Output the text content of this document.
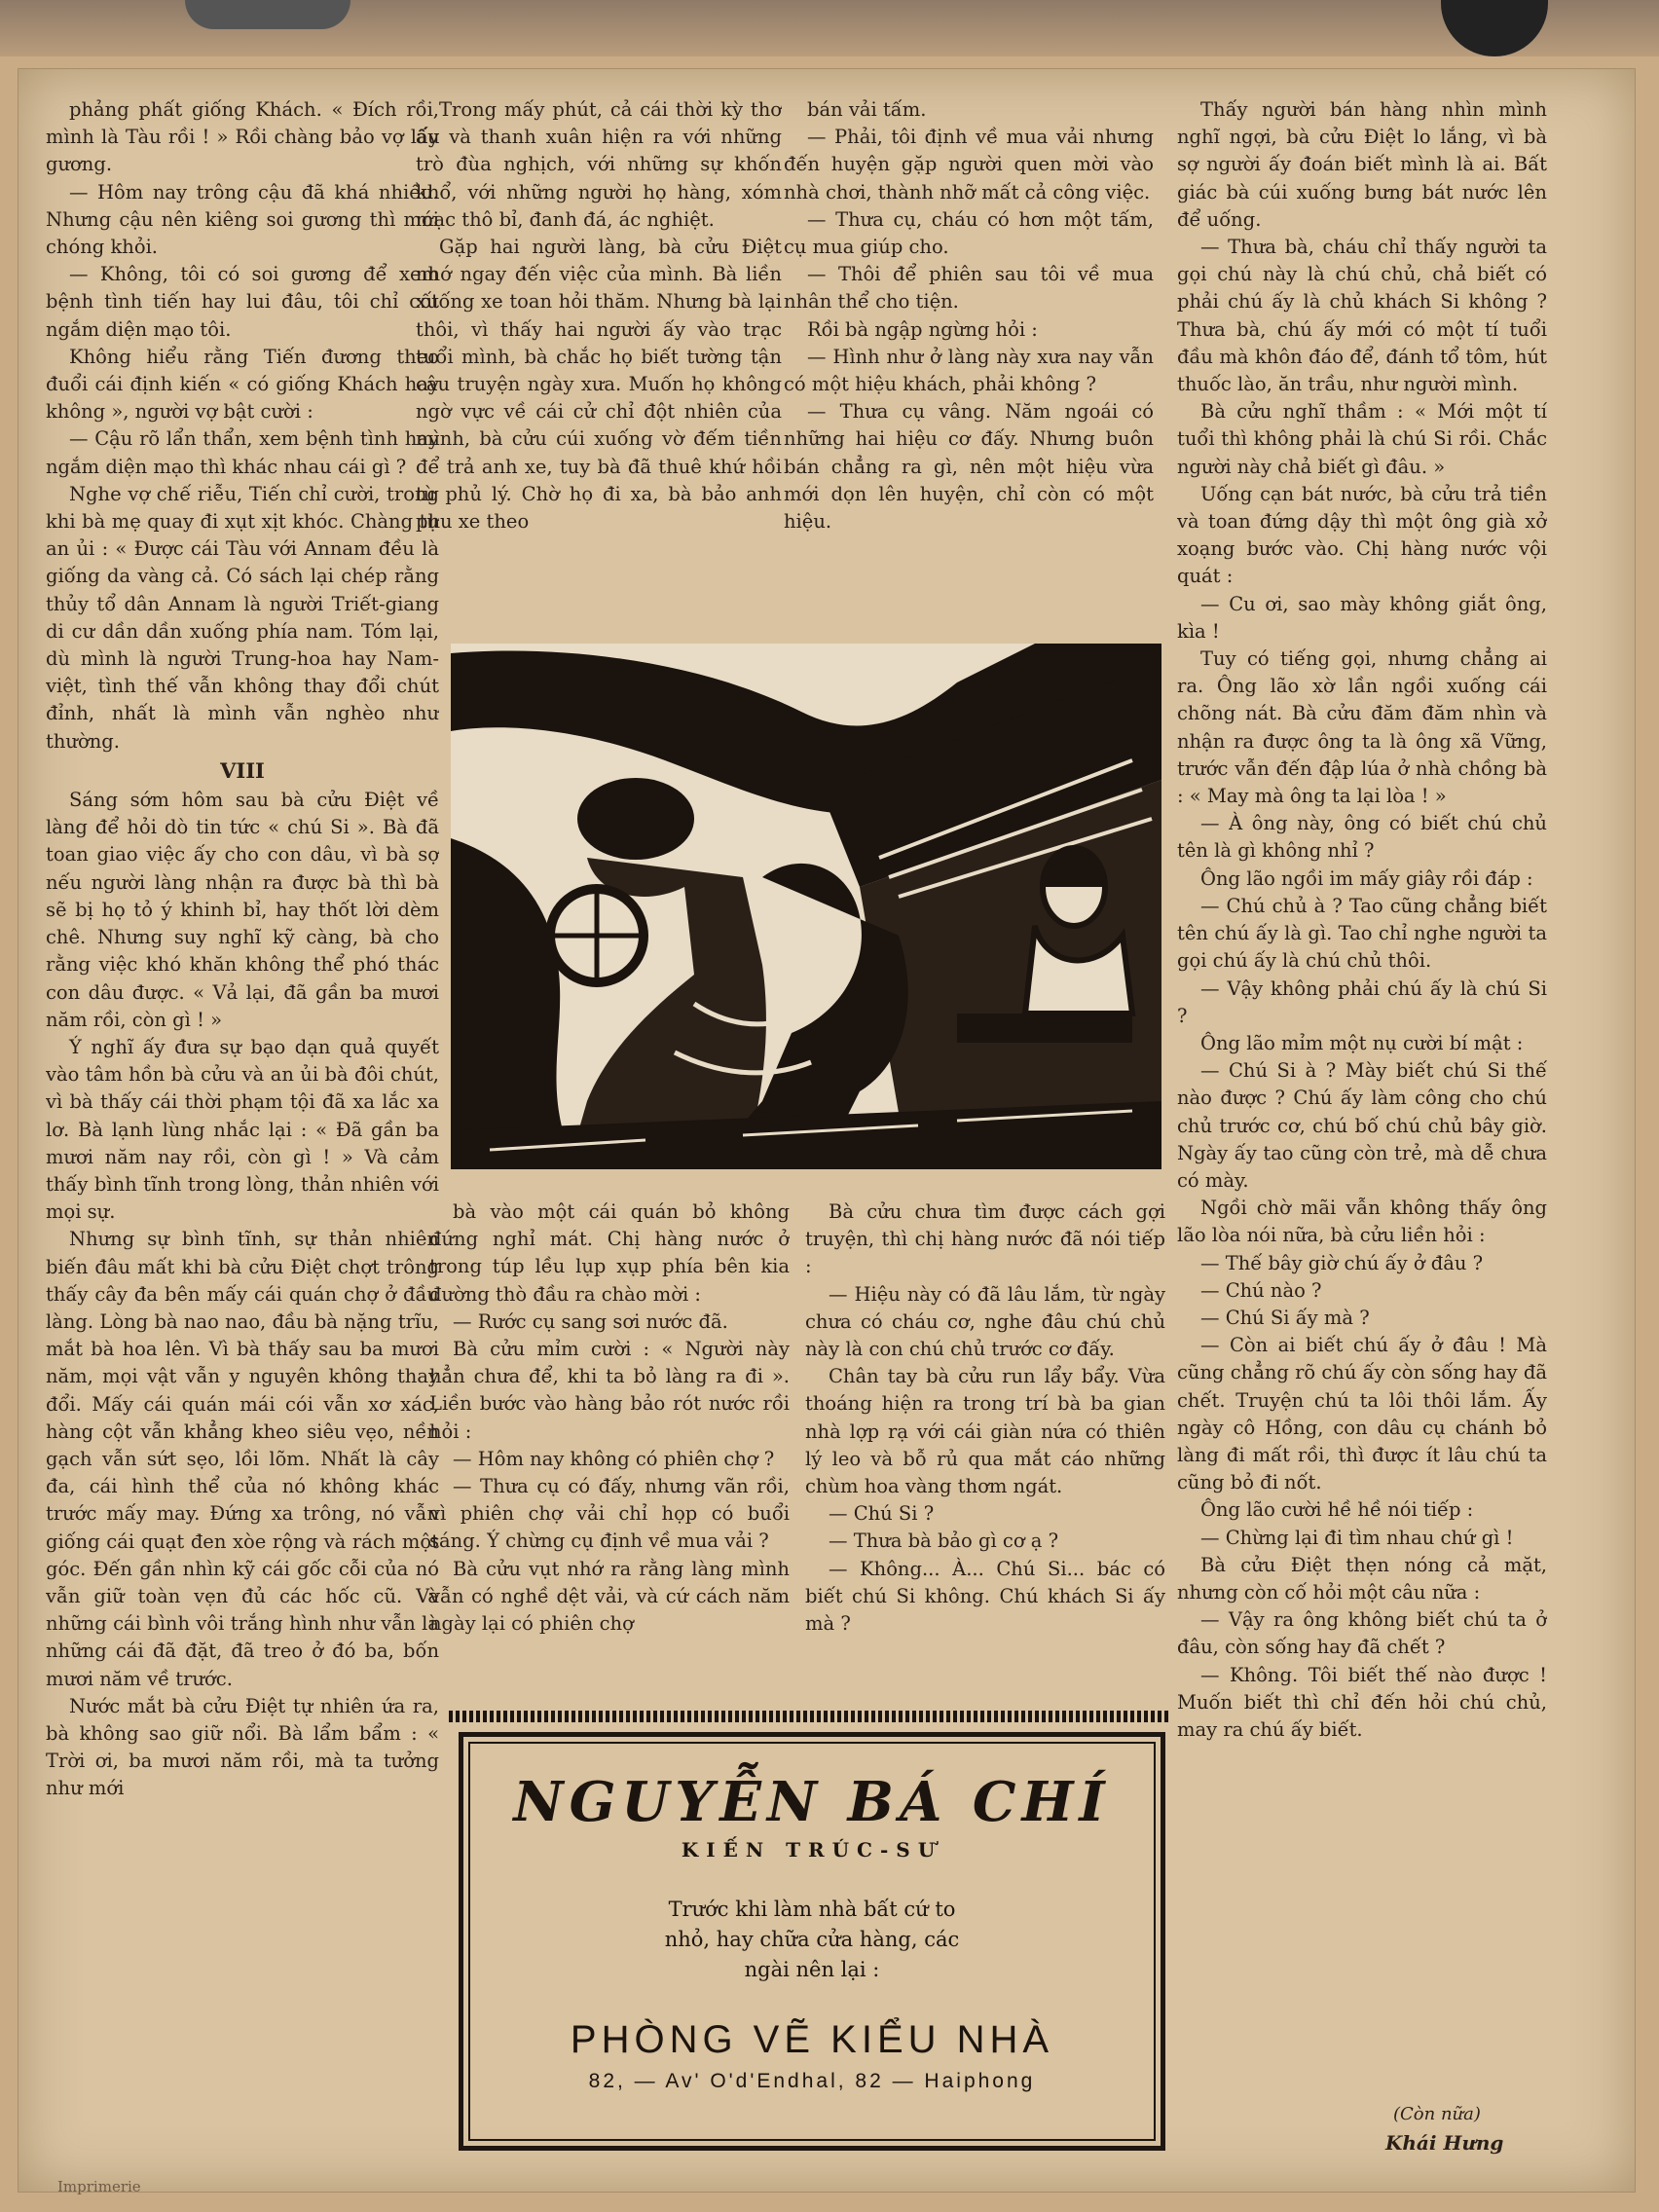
phảng phất giống Khách. « Đích rồi, mình là Tàu rồi ! » Rồi chàng bảo vợ lấy gương.

— Hôm nay trông cậu đã khá nhiều. Nhưng cậu nên kiêng soi gương thì mới chóng khỏi.

— Không, tôi có soi gương để xem bệnh tình tiến hay lui đâu, tôi chỉ cốt ngắm diện mạo tôi.

Không hiểu rằng Tiến đương theo đuổi cái định kiến « có giống Khách hay không », người vợ bật cười :

— Cậu rõ lẩn thẩn, xem bệnh tình hay ngắm diện mạo thì khác nhau cái gì ?

Nghe vợ chế riễu, Tiến chỉ cười, trong khi bà mẹ quay đi xụt xịt khóc. Chàng tự an ủi : « Được cái Tàu với Annam đều là giống da vàng cả. Có sách lại chép rằng thủy tổ dân Annam là người Triết-giang di cư dần dần xuống phía nam. Tóm lại, dù mình là người Trung-hoa hay Nam-việt, tình thế vẫn không thay đổi chút đỉnh, nhất là mình vẫn nghèo như thường.

VIII

Sáng sớm hôm sau bà cửu Điệt về làng để hỏi dò tin tức « chú Si ». Bà đã toan giao việc ấy cho con dâu, vì bà sợ nếu người làng nhận ra được bà thì bà sẽ bị họ tỏ ý khinh bỉ, hay thốt lời dèm chê. Nhưng suy nghĩ kỹ càng, bà cho rằng việc khó khăn không thể phó thác con dâu được. « Vả lại, đã gần ba mươi năm rồi, còn gì ! »

Ý nghĩ ấy đưa sự bạo dạn quả quyết vào tâm hồn bà cửu và an ủi bà đôi chút, vì bà thấy cái thời phạm tội đã xa lắc xa lơ. Bà lạnh lùng nhắc lại : « Đã gần ba mươi năm nay rồi, còn gì ! » Và cảm thấy bình tĩnh trong lòng, thản nhiên với mọi sự.

Nhưng sự bình tĩnh, sự thản nhiên biến đâu mất khi bà cửu Điệt chợt trông thấy cây đa bên mấy cái quán chợ ở đầu làng. Lòng bà nao nao, đầu bà nặng trĩu, mắt bà hoa lên. Vì bà thấy sau ba mươi năm, mọi vật vẫn y nguyên không thay đổi. Mấy cái quán mái cói vẫn xơ xác, hàng cột vẫn khẳng kheo siêu vẹo, nền gạch vẫn sứt sẹo, lồi lõm. Nhất là cây đa, cái hình thể của nó không khác trước mấy may. Đứng xa trông, nó vẫn giống cái quạt đen xòe rộng và rách một góc. Đến gần nhìn kỹ cái gốc cỗi của nó vẫn giữ toàn vẹn đủ các hốc cũ. Và những cái bình vôi trắng hình như vẫn là những cái đã đặt, đã treo ở đó ba, bốn mươi năm về trước.

Nước mắt bà cửu Điệt tự nhiên ứa ra, bà không sao giữ nổi. Bà lẩm bẩm : « Trời ơi, ba mươi năm rồi, mà ta tưởng như mới

Trong mấy phút, cả cái thời kỳ thơ ấu và thanh xuân hiện ra với những trò đùa nghịch, với những sự khốn khổ, với những người họ hàng, xóm mạc thô bỉ, đanh đá, ác nghiệt.

Gặp hai người làng, bà cửu Điệt nhớ ngay đến việc của mình. Bà liền xuống xe toan hỏi thăm. Nhưng bà lại thôi, vì thấy hai người ấy vào trạc tuổi mình, bà chắc họ biết tường tận câu truyện ngày xưa. Muốn họ không ngờ vực về cái cử chỉ đột nhiên của mình, bà cửu cúi xuống vờ đếm tiền để trả anh xe, tuy bà đã thuê khứ hồi từ phủ lý. Chờ họ đi xa, bà bảo anh phu xe theo

bán vải tấm.

— Phải, tôi định về mua vải nhưng đến huyện gặp người quen mời vào nhà chơi, thành nhỡ mất cả công việc.

— Thưa cụ, cháu có hơn một tấm, cụ mua giúp cho.

— Thôi để phiên sau tôi về mua nhân thể cho tiện.

Rồi bà ngập ngừng hỏi :

— Hình như ở làng này xưa nay vẫn có một hiệu khách, phải không ?

— Thưa cụ vâng. Năm ngoái có những hai hiệu cơ đấy. Nhưng buôn bán chẳng ra gì, nên một hiệu vừa mới dọn lên huyện, chỉ còn có một hiệu.

bà vào một cái quán bỏ không đứng nghỉ mát. Chị hàng nước ở trong túp lều lụp xụp phía bên kia đường thò đầu ra chào mời :

— Rước cụ sang sơi nước đã.

Bà cửu mỉm cười : « Người này hẳn chưa để, khi ta bỏ làng ra đi ». Liền bước vào hàng bảo rót nước rồi hỏi :

— Hôm nay không có phiên chợ ?

— Thưa cụ có đấy, nhưng vãn rồi, vì phiên chợ vải chỉ họp có buổi sáng. Ý chừng cụ định về mua vải ?

Bà cửu vụt nhớ ra rằng làng mình vẫn có nghề dệt vải, và cứ cách năm ngày lại có phiên chợ

Bà cửu chưa tìm được cách gợi truyện, thì chị hàng nước đã nói tiếp :

— Hiệu này có đã lâu lắm, từ ngày chưa có cháu cơ, nghe đâu chú chủ này là con chú chủ trước cơ đấy.

Chân tay bà cửu run lẩy bẩy. Vừa thoáng hiện ra trong trí bà ba gian nhà lợp rạ với cái giàn nứa có thiên lý leo và bỗ rủ qua mắt cáo những chùm hoa vàng thơm ngát.

— Chú Si ?

— Thưa bà bảo gì cơ ạ ?

— Không... À... Chú Si... bác có biết chú Si không. Chú khách Si ấy mà ?

NGUYỄN BÁ CHÍ
KIẾN TRÚC-SƯ
Trước khi làm nhà bất cứ to nhỏ, hay chữa cửa hàng, các ngài nên lại :
PHÒNG VẼ KIỂU NHÀ
82, — Av' O'd'Endhal, 82 — Haiphong

Thấy người bán hàng nhìn mình nghĩ ngợi, bà cửu Điệt lo lắng, vì bà sợ người ấy đoán biết mình là ai. Bất giác bà cúi xuống bưng bát nước lên để uống.

— Thưa bà, cháu chỉ thấy người ta gọi chú này là chú chủ, chả biết có phải chú ấy là chủ khách Si không ? Thưa bà, chú ấy mới có một tí tuổi đầu mà khôn đáo để, đánh tổ tôm, hút thuốc lào, ăn trầu, như người mình.

Bà cửu nghĩ thầm : « Mới một tí tuổi thì không phải là chú Si rồi. Chắc người này chả biết gì đâu. »

Uống cạn bát nước, bà cửu trả tiền và toan đứng dậy thì một ông già xở xoạng bước vào. Chị hàng nước vội quát :

— Cu ơi, sao mày không giắt ông, kìa !

Tuy có tiếng gọi, nhưng chẳng ai ra. Ông lão xờ lần ngồi xuống cái chõng nát. Bà cửu đăm đăm nhìn và nhận ra được ông ta là ông xã Vững, trước vẫn đến đập lúa ở nhà chồng bà : « May mà ông ta lại lòa ! »

— À ông này, ông có biết chú chủ tên là gì không nhỉ ?

Ông lão ngồi im mấy giây rồi đáp :

— Chú chủ à ? Tao cũng chẳng biết tên chú ấy là gì. Tao chỉ nghe người ta gọi chú ấy là chú chủ thôi.

— Vậy không phải chú ấy là chú Si ?

Ông lão mỉm một nụ cười bí mật :

— Chú Si à ? Mày biết chú Si thế nào được ? Chú ấy làm công cho chú chủ trước cơ, chú bố chú chủ bây giờ. Ngày ấy tao cũng còn trẻ, mà dễ chưa có mày.

Ngồi chờ mãi vẫn không thấy ông lão lòa nói nữa, bà cửu liền hỏi :

— Thế bây giờ chú ấy ở đâu ?

— Chú nào ?

— Chú Si ấy mà ?

— Còn ai biết chú ấy ở đâu ! Mà cũng chẳng rõ chú ấy còn sống hay đã chết. Truyện chú ta lôi thôi lắm. Ấy ngày cô Hồng, con dâu cụ chánh bỏ làng đi mất rồi, thì được ít lâu chú ta cũng bỏ đi nốt.

Ông lão cười hề hề nói tiếp :

— Chừng lại đi tìm nhau chứ gì !

Bà cửu Điệt thẹn nóng cả mặt, nhưng còn cố hỏi một câu nữa :

— Vậy ra ông không biết chú ta ở đâu, còn sống hay đã chết ?

— Không. Tôi biết thế nào được ! Muốn biết thì chỉ đến hỏi chú chủ, may ra chú ấy biết.

(Còn nữa)
Khái Hưng
Imprimerie
